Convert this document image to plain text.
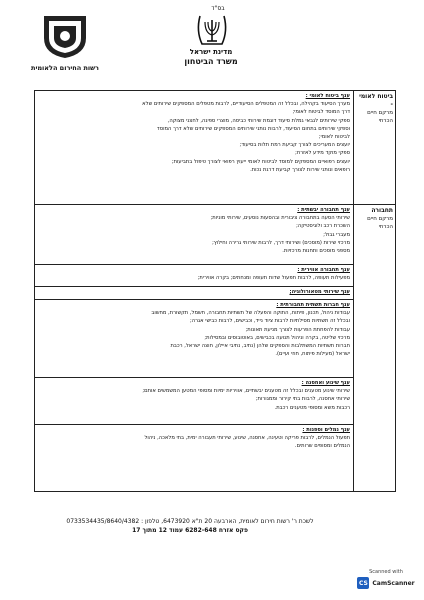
בס"ד
מדינת ישראל
משרד הביטחון
רשות החירום הלאומית
ביטוח לאומי -
מרקם חיים הכרחי
ענף ביטוח לאומי :

מערך הסיעוד בקהילה, ובכלל זה המטפלים הסיעודיים, לרבות מטפלים המספקים שירותים שלא

דרך המוסד לביטוח לאומי;

ספקי שירותים לגבאי גמלת סיעוד דוגמת שירותי כביסה, מוצרי ספיגה, לחצני מצוקה,

וספקי שירותים בתחום הסיעוד, לרבות נותני שירותים המספקים שירותים שלא דרך המוסד

לביטוח לאומי;

יועצים המעריכים לצורך קביעת רמת תלות בסיעוד;

ספקי מוקד מידע לאזרח;

יועצים רפואיים המספקים למוסד לביטוח לאומי ייעוץ רפואי לצורך טיפול בתביעות;

רופאים ונותני שירות לצורך קביעת דרגת נכות.

תחבורה
מרקם חיים הכרחי
ענף תחבורה יבשתית :

שירותי הסעה בתחבורה ציבורית ובהסעות נוסעים, שירותי מוניות;

השכרת רכב ולוגיסטיקה;

מעברי גבול;

מרכזי שירות (מוסכים) ושירותי דרך, לרבות שירותי גרירה וחילוץ;

מספני מוסכים ותחנות מרכזיות.

ענף תחבורה אווירית :

מפעילות תעופה, לרבות תפעול שדות תעופה ומנחתים; בקרה אווירית;

ענף שירותי מטאורולוגיה;
ענף חברות תשתית תחבורתית :

עבודות ניהול, תכנון, פיתוח, התוקה והפעלה של תשתיות תחבורה, חשמל, תקשורת, מחשוב

ובכלל זה תשתיות מסילתיות לרבות ציוד נייד, וכבישים, לרבות כבישי אגרה;

עבודות להפחתת הפרעות לצורך מניעת תאונות;

מרכזי שליטה, בקרה וניהול תנועה בכבישים, באוטובוסים ובמסילות;

חברות תשתיות המשתלבות והספקים שלהן (נתיב, נתיבי איילון, חוצה ישראל, רכבת

ישראל (מעילות פיתוח, חוזי ועיים).

ענף שינוע ואחסנה :

שירותי שינוע מטענים ובכלל זה מטענים יבשתיים, אוויריות ימיות ומסופי המטען המשמשים אותם;

שירותי אחסנה, לרבות בתי קירור וממגורות;

רכבות משא ומסופי מטענים רכבת.

ענף נמלים וספנות :

תפעול הנמלים, לרבות פריקה וטעינה, אחסנה, שינוע, שירותי תעבורה ימית, בתי מלאכה, ניהול

הנמלים ומסופים שרותים.

לשכת ר' רשות חירום לאומית, הארבעה 20 ת"א 6473920, טלפון : 0733534435/8640/4382
פקס אזרח 6282-648 עמוד 12 מתוך 17
Scanned with
CS CamScanner
